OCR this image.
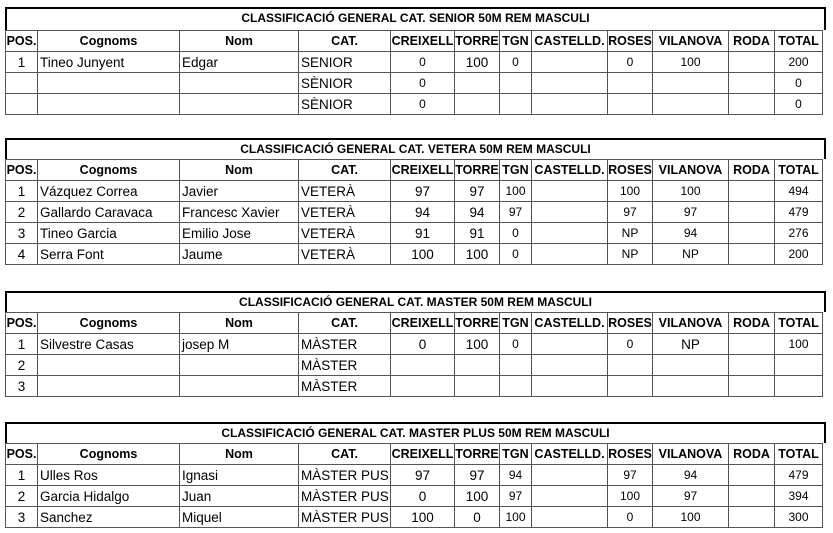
CLASSIFICACIÓ GENERAL CAT. SENIOR 50M REM MASCULI
POS.	Cognoms	Nom	CAT.	CREIXELL	TORRE	TGN	CASTELLD.	ROSES	VILANOVA	RODA	TOTAL
1	Tineo Junyent	Edgar	SENIOR	0	100	0		0	100		200
			SÈNIOR	0							0
			SÈNIOR	0							0
CLASSIFICACIÓ GENERAL CAT. VETERA 50M REM MASCULI
POS.	Cognoms	Nom	CAT.	CREIXELL	TORRE	TGN	CASTELLD.	ROSES	VILANOVA	RODA	TOTAL
1	Vázquez Correa	Javier	VETERÀ	97	97	100		100	100		494
2	Gallardo Caravaca	Francesc Xavier	VETERÀ	94	94	97		97	97		479
3	Tineo Garcia	Emilio Jose	VETERÀ	91	91	0		NP	94		276
4	Serra Font	Jaume	VETERÀ	100	100	0		NP	NP		200
CLASSIFICACIÓ GENERAL CAT. MASTER 50M REM MASCULI
POS.	Cognoms	Nom	CAT.	CREIXELL	TORRE	TGN	CASTELLD.	ROSES	VILANOVA	RODA	TOTAL
1	Silvestre Casas	josep M	MÀSTER	0	100	0		0	NP		100
2			MÀSTER								
3			MÀSTER								
CLASSIFICACIÓ GENERAL CAT. MASTER PLUS 50M REM MASCULI
POS.	Cognoms	Nom	CAT.	CREIXELL	TORRE	TGN	CASTELLD.	ROSES	VILANOVA	RODA	TOTAL
1	Ulles Ros	Ignasi	MÀSTER PUS	97	97	94		97	94		479
2	Garcia Hidalgo	Juan	MÀSTER PUS	0	100	97		100	97		394
3	Sanchez	Miquel	MÀSTER PUS	100	0	100		0	100		300
